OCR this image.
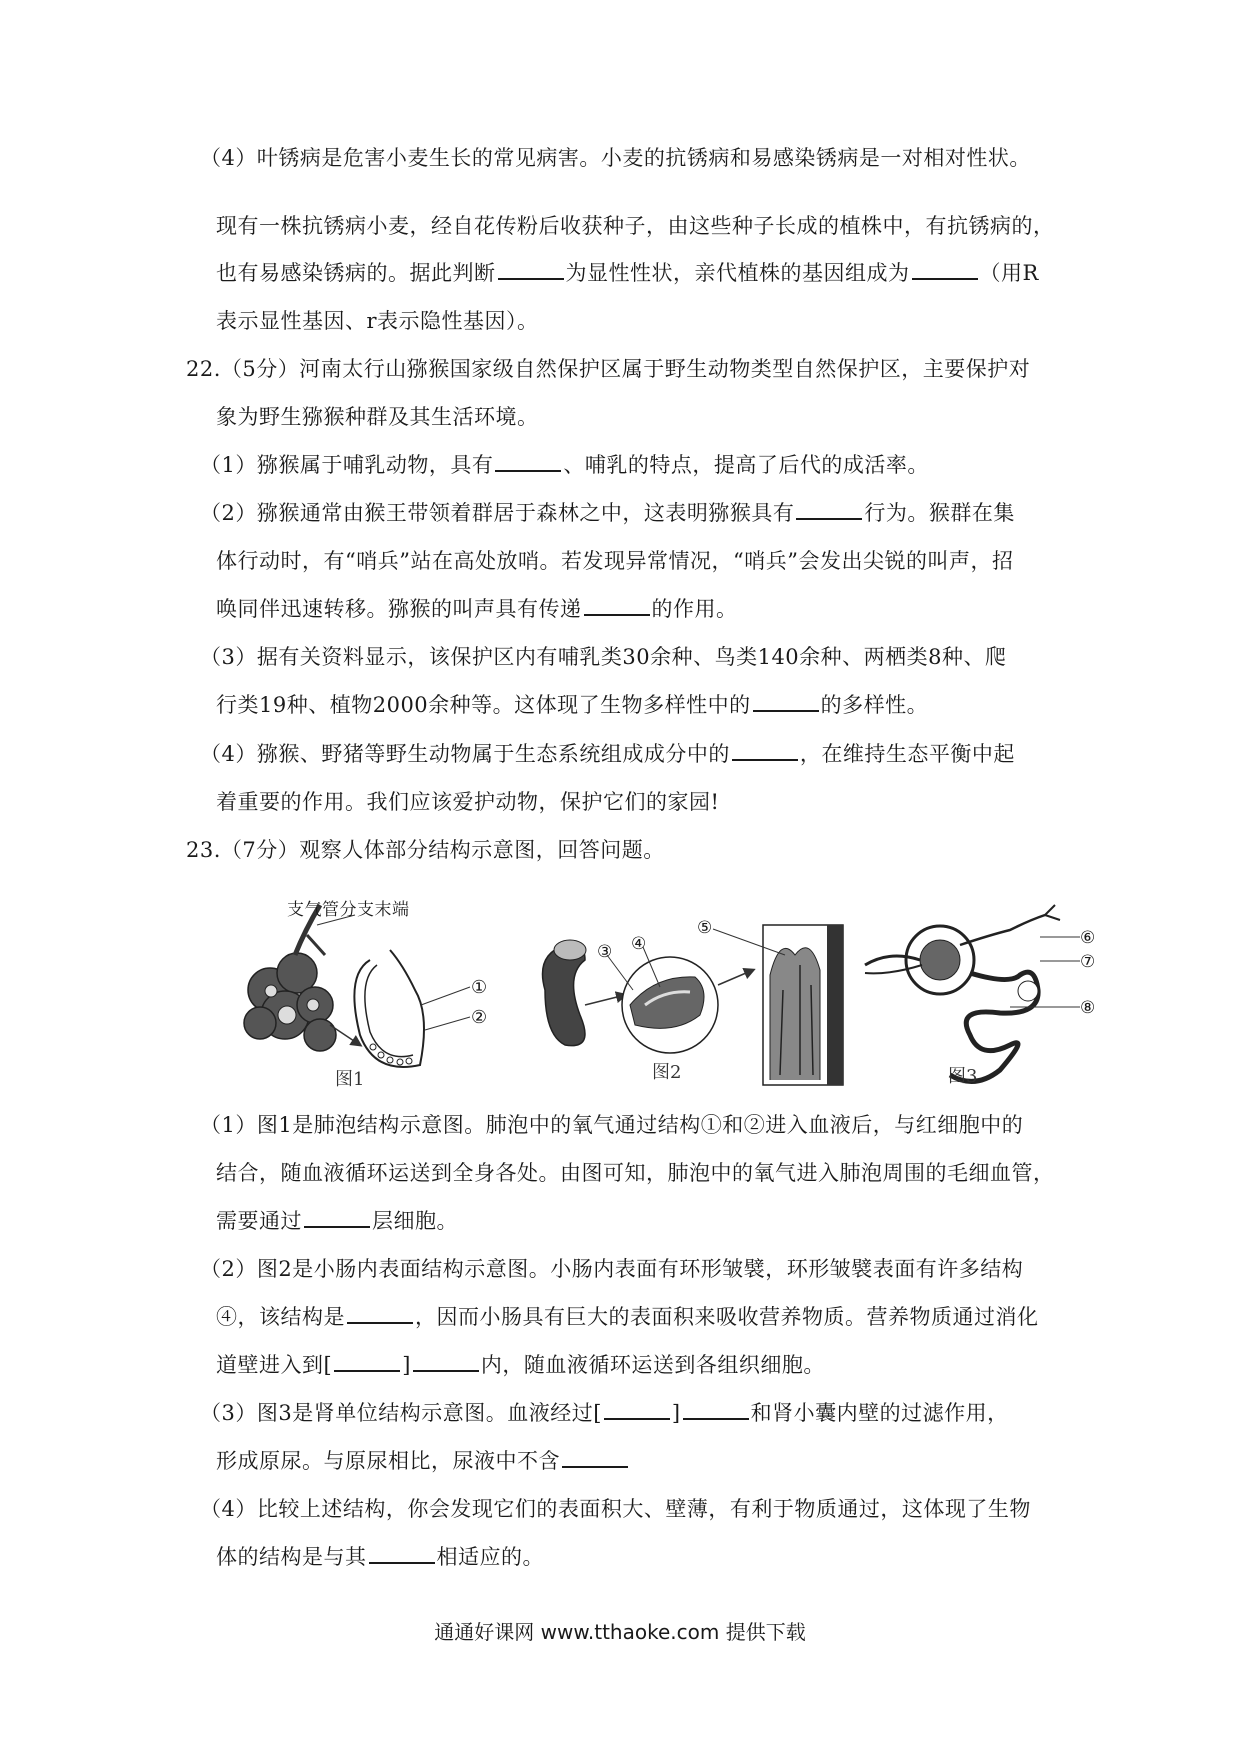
（4）叶锈病是危害小麦生长的常见病害。小麦的抗锈病和易感染锈病是一对相对性状。
现有一株抗锈病小麦，经自花传粉后收获种子，由这些种子长成的植株中，有抗锈病的，
也有易感染锈病的。据此判断	为显性性状，亲代植株的基因组成为	（用R
表示显性基因、r表示隐性基因）。
22.（5分）河南太行山猕猴国家级自然保护区属于野生动物类型自然保护区，主要保护对
象为野生猕猴种群及其生活环境。
（1）猕猴属于哺乳动物，具有	、哺乳的特点，提高了后代的成活率。
（2）猕猴通常由猴王带领着群居于森林之中，这表明猕猴具有	行为。猴群在集
体行动时，有“哨兵”站在高处放哨。若发现异常情况，“哨兵”会发出尖锐的叫声，招
唤同伴迅速转移。猕猴的叫声具有传递	的作用。
（3）据有关资料显示，该保护区内有哺乳类30余种、鸟类140余种、两栖类8种、爬
行类19种、植物2000余种等。这体现了生物多样性中的	的多样性。
（4）猕猴、野猪等野生动物属于生态系统组成成分中的	，在维持生态平衡中起
着重要的作用。我们应该爱护动物，保护它们的家园!
23.（7分）观察人体部分结构示意图，回答问题。
支气管分支末端
①
②
③ ④
⑤	⑥
⑦
⑧
图1	图2	图3
（1）图1是肺泡结构示意图。肺泡中的氧气通过结构①和②进入血液后，与红细胞中的
结合，随血液循环运送到全身各处。由图可知，肺泡中的氧气进入肺泡周围的毛细血管，
需要通过	层细胞。
（2）图2是小肠内表面结构示意图。小肠内表面有环形皱襞，环形皱襞表面有许多结构
④，该结构是	，因而小肠具有巨大的表面积来吸收营养物质。营养物质通过消化
道壁进入到[	]	内，随血液循环运送到各组织细胞。
（3）图3是肾单位结构示意图。血液经过[	]	和肾小囊内壁的过滤作用，
形成原尿。与原尿相比，尿液中不含
（4）比较上述结构，你会发现它们的表面积大、壁薄，有利于物质通过，这体现了生物
体的结构是与其	相适应的。
通通好课网 www.tthaoke.com 提供下载
